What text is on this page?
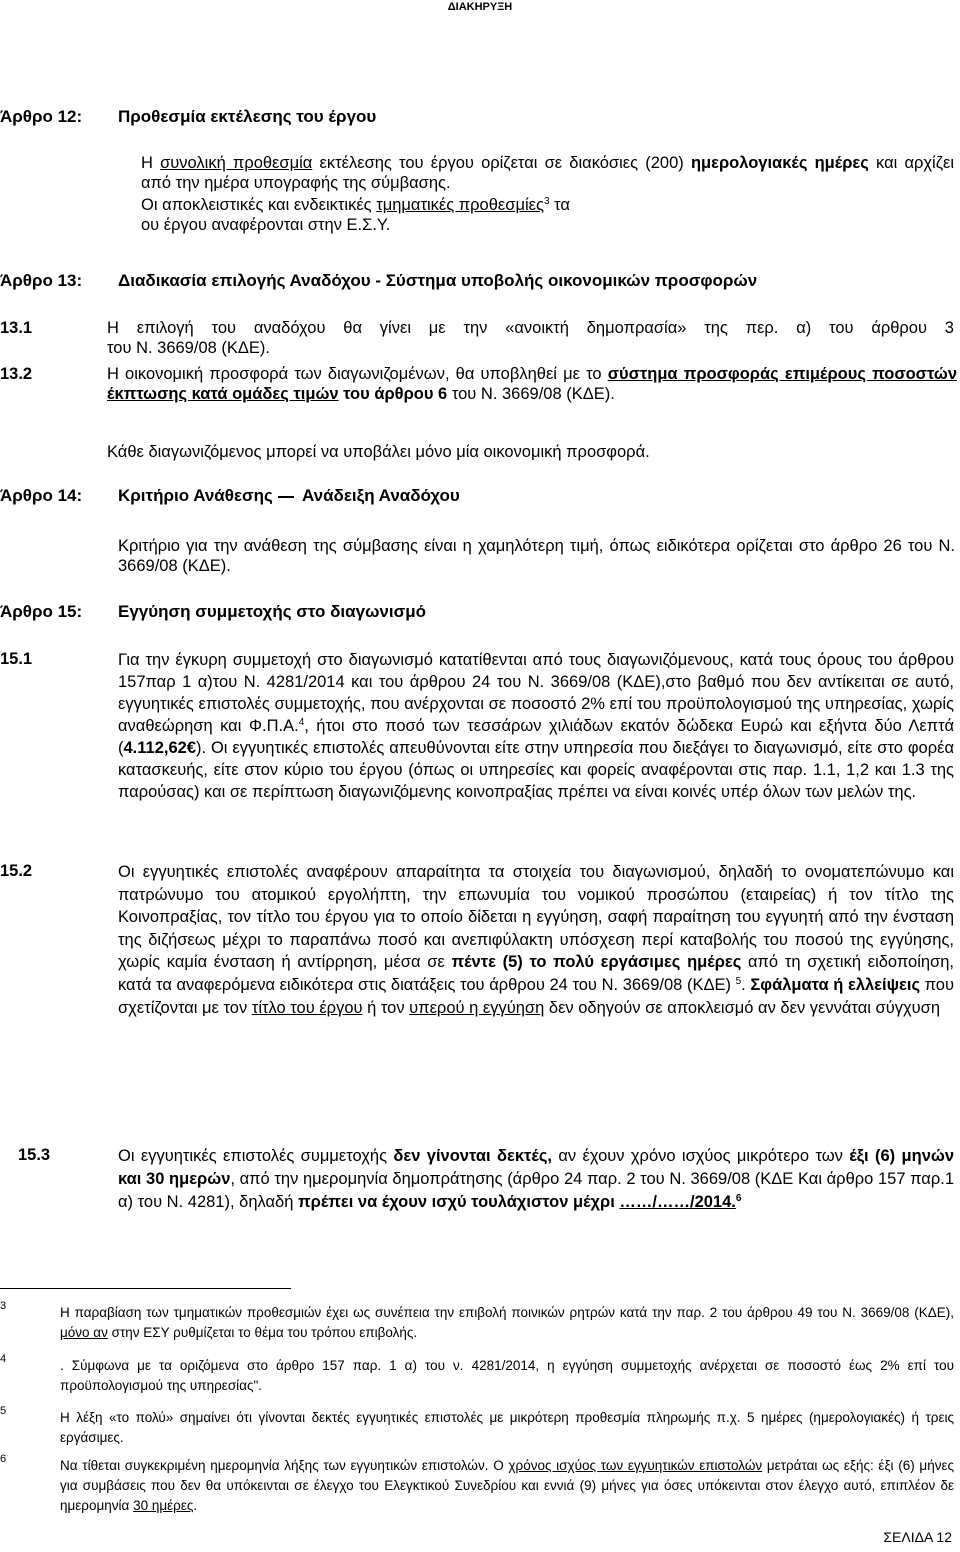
ΔΙΑΚΗΡΥΞΗ
Άρθρο 12: Προθεσμία εκτέλεσης του έργου
Η συνολική προθεσμία εκτέλεσης του έργου ορίζεται σε διακόσιες (200) ημερολογιακές ημέρες και αρχίζει από την ημέρα υπογραφής της σύμβασης.
Οι αποκλειστικές και ενδεικτικές τμηματικές προθεσμίες$^3$ τα
ου έργου αναφέρονται στην Ε.Σ.Υ.
Άρθρο 13: Διαδικασία επιλογής Αναδόχου - Σύστημα υποβολής οικονομικών προσφορών
13.1	Η επιλογή του αναδόχου θα γίνει με την «ανοικτή δημοπρασία» της περ. α) του άρθρου 3
του Ν. 3669/08 (ΚΔΕ).
13.2	Η οικονομική προσφορά των διαγωνιζομένων, θα υποβληθεί με το σύστημα προσφοράς επιμέρους ποσοστών έκπτωσης κατά ομάδες τιμών του άρθρου 6 του Ν. 3669/08 (ΚΔΕ).
Κάθε διαγωνιζόμενος μπορεί να υποβάλει μόνο μία οικονομική προσφορά.
Άρθρο 14: Κριτήριο Ανάθεσης Ανάδειξη Αναδόχου
Κριτήριο για την ανάθεση της σύμβασης είναι η χαμηλότερη τιμή, όπως ειδικότερα ορίζεται στο άρθρο 26 του Ν. 3669/08 (ΚΔΕ).
Άρθρο 15: Εγγύηση συμμετοχής στο διαγωνισμό
15.1	Για την έγκυρη συμμετοχή στο διαγωνισμό κατατίθενται από τους διαγωνιζόμενους, κατά τους όρους του άρθρου 157παρ 1 α)του Ν. 4281/2014 και του άρθρου 24 του Ν. 3669/08 (ΚΔΕ),στο βαθμό που δεν αντίκειται σε αυτό, εγγυητικές επιστολές συμμετοχής, που ανέρχονται σε ποσοστό 2% επί του προϋπολογισμού της υπηρεσίας, χωρίς αναθεώρηση και Φ.Π.Α.$^4$, ήτοι στο ποσό των τεσσάρων χιλιάδων εκατόν δώδεκα Ευρώ και εξήντα δύο Λεπτά (4.112,62€). Οι εγγυητικές επιστολές απευθύνονται είτε στην υπηρεσία που διεξάγει το διαγωνισμό, είτε στο φορέα κατασκευής, είτε στον κύριο του έργου (όπως οι υπηρεσίες και φορείς αναφέρονται στις παρ. 1.1, 1,2 και 1.3 της παρούσας) και σε περίπτωση διαγωνιζόμενης κοινοπραξίας πρέπει να είναι κοινές υπέρ όλων των μελών της.
15.2	Οι εγγυητικές επιστολές αναφέρουν απαραίτητα τα στοιχεία του διαγωνισμού, δηλαδή το ονοματεπώνυμο και πατρώνυμο του ατομικού εργολήπτη, την επωνυμία του νομικού προσώπου (εταιρείας) ή τον τίτλο της Κοινοπραξίας, τον τίτλο του έργου για το οποίο δίδεται η εγγύηση, σαφή παραίτηση του εγγυητή από την ένσταση της διζήσεως μέχρι το παραπάνω ποσό και ανεπιφύλακτη υπόσχεση περί καταβολής του ποσού της εγγύησης, χωρίς καμία ένσταση ή αντίρρηση, μέσα σε πέντε (5) το πολύ εργάσιμες ημέρες από τη σχετική ειδοποίηση, κατά τα αναφερόμενα ειδικότερα στις διατάξεις του άρθρου 24 του Ν. 3669/08 (ΚΔΕ) $^5$. Σφάλματα ή ελλείψεις που σχετίζονται με τον τίτλο του έργου ή τον υπερού η εγγύηση δεν οδηγούν σε αποκλεισμό αν δεν γεννάται σύγχυση
15.3	Οι εγγυητικές επιστολές συμμετοχής δεν γίνονται δεκτές, αν έχουν χρόνο ισχύος μικρότερο των έξι (6) μηνών και 30 ημερών, από την ημερομηνία δημοπράτησης (άρθρο 24 παρ. 2 του Ν. 3669/08 (ΚΔΕ Και άρθρο 157 παρ.1 α) του Ν. 4281), δηλαδή πρέπει να έχουν ισχύ τουλάχιστον μέχρι ……/……/2014.$^6$
3	Η παραβίαση των τμηματικών προθεσμιών έχει ως συνέπεια την επιβολή ποινικών ρητρών κατά την παρ. 2 του άρθρου 49 του Ν. 3669/08 (ΚΔΕ), μόνο αν στην ΕΣΥ ρυθμίζεται το θέμα του τρόπου επιβολής.
4	. Σύμφωνα με τα οριζόμενα στο άρθρο 157 παρ. 1 α) του ν. 4281/2014, η εγγύηση συμμετοχής ανέρχεται σε ποσοστό έως 2% επί του προϋπολογισμού της υπηρεσίας".
5	Η λέξη «το πολύ» σημαίνει ότι γίνονται δεκτές εγγυητικές επιστολές με μικρότερη προθεσμία πληρωμής π.χ. 5 ημέρες (ημερολογιακές) ή τρεις εργάσιμες.
6	Να τίθεται συγκεκριμένη ημερομηνία λήξης των εγγυητικών επιστολών. Ο χρόνος ισχύος των εγγυητικών επιστολών μετράται ως εξής: έξι (6) μήνες για συμβάσεις που δεν θα υπόκεινται σε έλεγχο του Ελεγκτικού Συνεδρίου και εννιά (9) μήνες για όσες υπόκεινται στον έλεγχο αυτό, επιπλέον δε ημερομηνία 30 ημέρες.
ΣΕΛΙΔΑ 12
